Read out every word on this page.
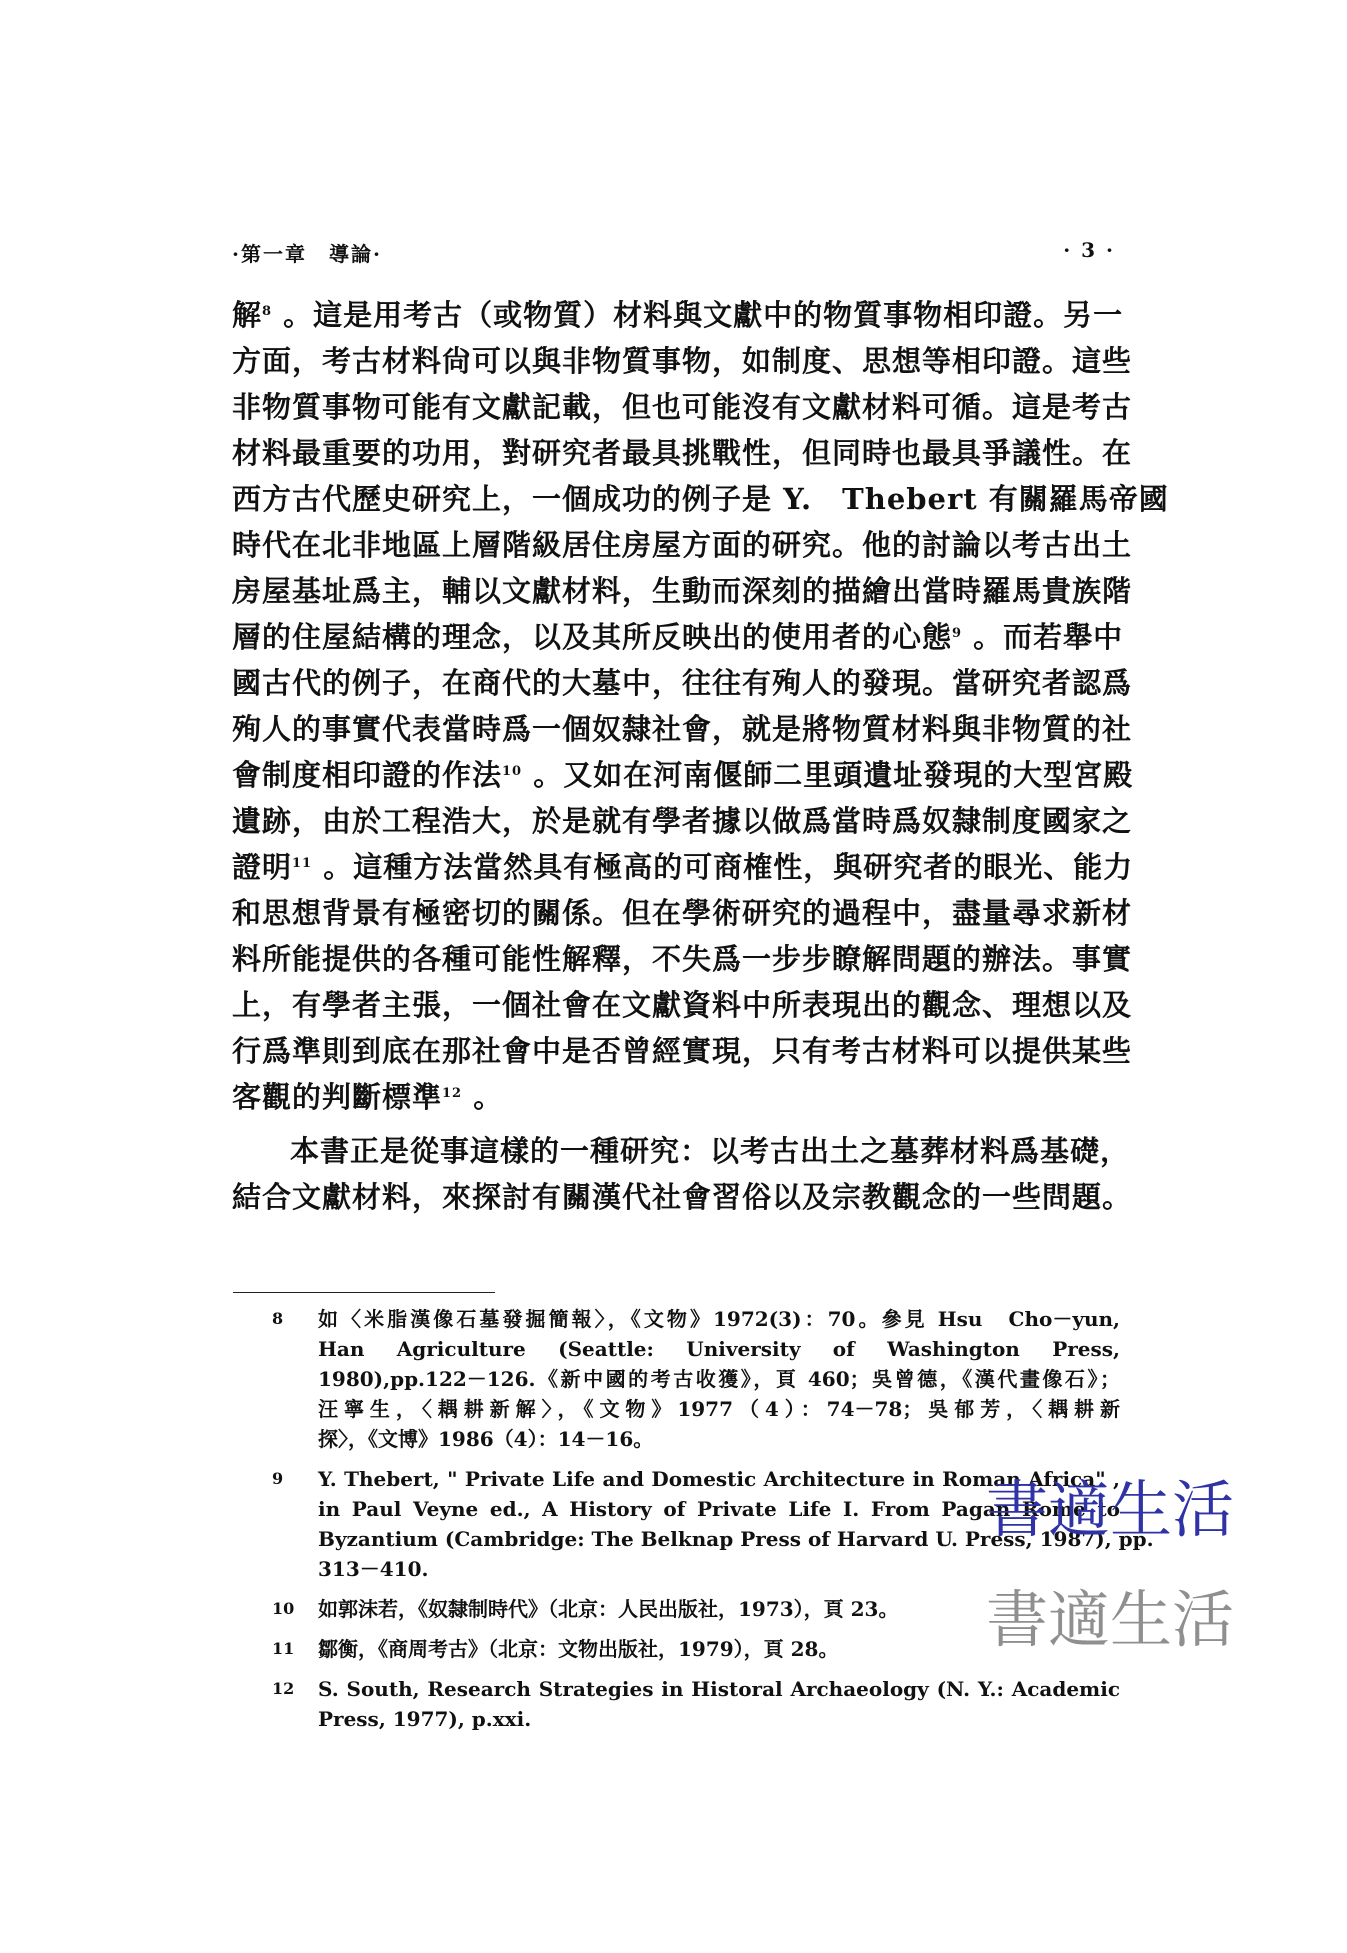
·第一章　導論·	· 3 ·
解$^8$ 。這是用考古（或物質）材料與文獻中的物質事物相印證。另一
方面，考古材料尙可以與非物質事物，如制度、思想等相印證。這些
非物質事物可能有文獻記載，但也可能沒有文獻材料可循。這是考古
材料最重要的功用，對研究者最具挑戰性，但同時也最具爭議性。在
西方古代歷史研究上，一個成功的例子是 Y.　Thebert 有關羅馬帝國
時代在北非地區上層階級居住房屋方面的研究。他的討論以考古出土
房屋基址爲主，輔以文獻材料，生動而深刻的描繪出當時羅馬貴族階
層的住屋結構的理念，以及其所反映出的使用者的心態$^9$ 。而若舉中
國古代的例子，在商代的大墓中，往往有殉人的發現。當研究者認爲
殉人的事實代表當時爲一個奴隸社會，就是將物質材料與非物質的社
會制度相印證的作法$^{10}$ 。又如在河南偃師二里頭遺址發現的大型宮殿
遺跡，由於工程浩大，於是就有學者據以做爲當時爲奴隸制度國家之
證明$^{11}$ 。這種方法當然具有極高的可商榷性，與研究者的眼光、能力
和思想背景有極密切的關係。但在學術研究的過程中，盡量尋求新材
料所能提供的各種可能性解釋，不失爲一步步瞭解問題的辦法。事實
上，有學者主張，一個社會在文獻資料中所表現出的觀念、理想以及
行爲準則到底在那社會中是否曾經實現，只有考古材料可以提供某些
客觀的判斷標準$^{12}$ 。
本書正是從事這樣的一種研究：以考古出土之墓葬材料爲基礎，
結合文獻材料，來探討有關漢代社會習俗以及宗教觀念的一些問題。
8	如〈米脂漢像石墓發掘簡報〉，《文物》1972(3)：70。參見 Hsu　Cho－yun,
Han　Agriculture　(Seattle:　University　of　Washington　Press,
1980),pp.122－126.《新中國的考古收獲》，頁 460；吳曾德，《漢代畫像石》；
汪寧生，〈耦耕新解〉，《文物》1977（4）：74－78；吳郁芳，〈耦耕新
探〉，《文博》1986（4）：14－16。
9	Y. Thebert, " Private Life and Domestic Architecture in Roman Africa" ,
in Paul Veyne ed., A History of Private Life I. From Pagan Rome to
Byzantium (Cambridge: The Belknap Press of Harvard U. Press, 1987), pp.
313－410.
10	如郭沫若，《奴隸制時代》（北京：人民出版社，1973），頁 23。
11	鄒衡，《商周考古》（北京：文物出版社，1979），頁 28。
12	S. South, Research Strategies in Historal Archaeology (N. Y.: Academic
Press, 1977), p.xxi.
書適生活
書適生活
